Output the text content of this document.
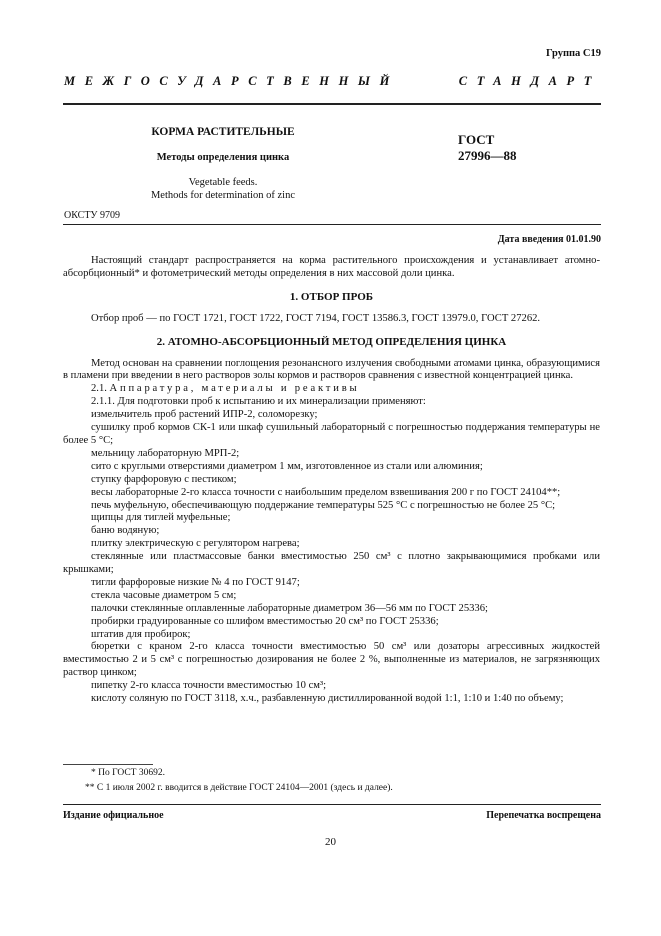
Группа С19
МЕЖГОСУДАРСТВЕННЫЙ	СТАНДАРТ
КОРМА РАСТИТЕЛЬНЫЕ
Методы определения цинка
Vegetable feeds.
Methods for determination of zinc
ГОСТ
27996—88
ОКСТУ 9709
Дата введения 01.01.90

Настоящий стандарт распространяется на корма растительного происхождения и устанавливает атомно-абсорбционный* и фотометрический методы определения в них массовой доли цинка.

1. ОТБОР ПРОБ

Отбор проб — по ГОСТ 1721, ГОСТ 1722, ГОСТ 7194, ГОСТ 13586.3, ГОСТ 13979.0, ГОСТ 27262.

2. АТОМНО-АБСОРБЦИОННЫЙ МЕТОД ОПРЕДЕЛЕНИЯ ЦИНКА

Метод основан на сравнении поглощения резонансного излучения свободными атомами цинка, образующимися в пламени при введении в него растворов золы кормов и растворов сравнения с известной концентрацией цинка.

2.1. Аппаратура, материалы и реактивы

2.1.1. Для подготовки проб к испытанию и их минерализации применяют:

измельчитель проб растений ИПР-2, соломорезку;

сушилку проб кормов СК-1 или шкаф сушильный лабораторный с погрешностью поддержания температуры не более 5 °С;

мельницу лабораторную МРП-2;

сито с круглыми отверстиями диаметром 1 мм, изготовленное из стали или алюминия;

ступку фарфоровую с пестиком;

весы лабораторные 2-го класса точности с наибольшим пределом взвешивания 200 г по ГОСТ 24104**;

печь муфельную, обеспечивающую поддержание температуры 525 °С с погрешностью не более 25 °С;

щипцы для тиглей муфельные;

баню водяную;

плитку электрическую с регулятором нагрева;

стеклянные или пластмассовые банки вместимостью 250 см³ с плотно закрывающимися пробками или крышками;

тигли фарфоровые низкие № 4 по ГОСТ 9147;

стекла часовые диаметром 5 см;

палочки стеклянные оплавленные лабораторные диаметром 36—56 мм по ГОСТ 25336;

пробирки градуированные со шлифом вместимостью 20 см³ по ГОСТ 25336;

штатив для пробирок;

бюретки с краном 2-го класса точности вместимостью 50 см³ или дозаторы агрессивных жидкостей вместимостью 2 и 5 см³ с погрешностью дозирования не более 2 %, выполненные из материалов, не загрязняющих раствор цинком;

пипетку 2-го класса точности вместимостью 10 см³;

кислоту соляную по ГОСТ 3118, х.ч., разбавленную дистиллированной водой 1:1, 1:10 и 1:40 по объему;

* По ГОСТ 30692.

** С 1 июля 2002 г. вводится в действие ГОСТ 24104—2001 (здесь и далее).

Издание официальное	Перепечатка воспрещена
20
